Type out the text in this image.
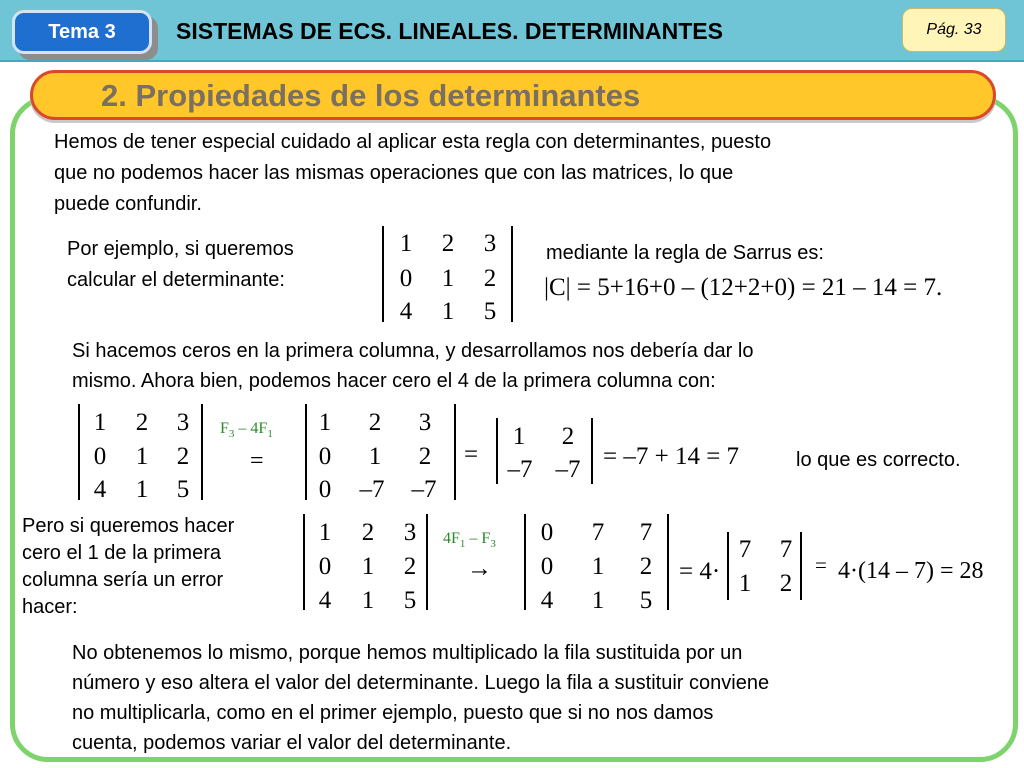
Tema 3	SISTEMAS DE ECS. LINEALES. DETERMINANTES	Pág. 33
2. Propiedades de los determinantes
Hemos de tener especial cuidado al aplicar esta regla con determinantes, puesto
que no podemos hacer las mismas operaciones que con las matrices, lo que
puede confundir.
Por ejemplo, si queremos
calcular el determinante:
1 2 3
0 1 2
4 1 5
mediante la regla de Sarrus es:
|C| = 5+16+0 – (12+2+0) = 21 – 14 = 7.
Si hacemos ceros en la primera columna, y desarrollamos nos debería dar lo
mismo. Ahora bien, podemos hacer cero el 4 de la primera columna con:
1 2 3
0 1 2
4 1 5
$F_3 - 4F_1$
=
1 2 3
0 1 2
0	–7	–7
=
1 2
–7 –7 = –7 + 14 = 7	lo que es correcto.
Pero si queremos hacer
cero el 1 de la primera
columna sería un error
hacer:
1 2 3
0 1 2
4 1 5
$4F_1 - F_3$
→
0 7 7
0 1 2
4 1 5
= 4·
7 7
1 2
= 4·(14 – 7) = 28
No obtenemos lo mismo, porque hemos multiplicado la fila sustituida por un
número y eso altera el valor del determinante. Luego la fila a sustituir conviene
no multiplicarla, como en el primer ejemplo, puesto que si no nos damos
cuenta, podemos variar el valor del determinante.
